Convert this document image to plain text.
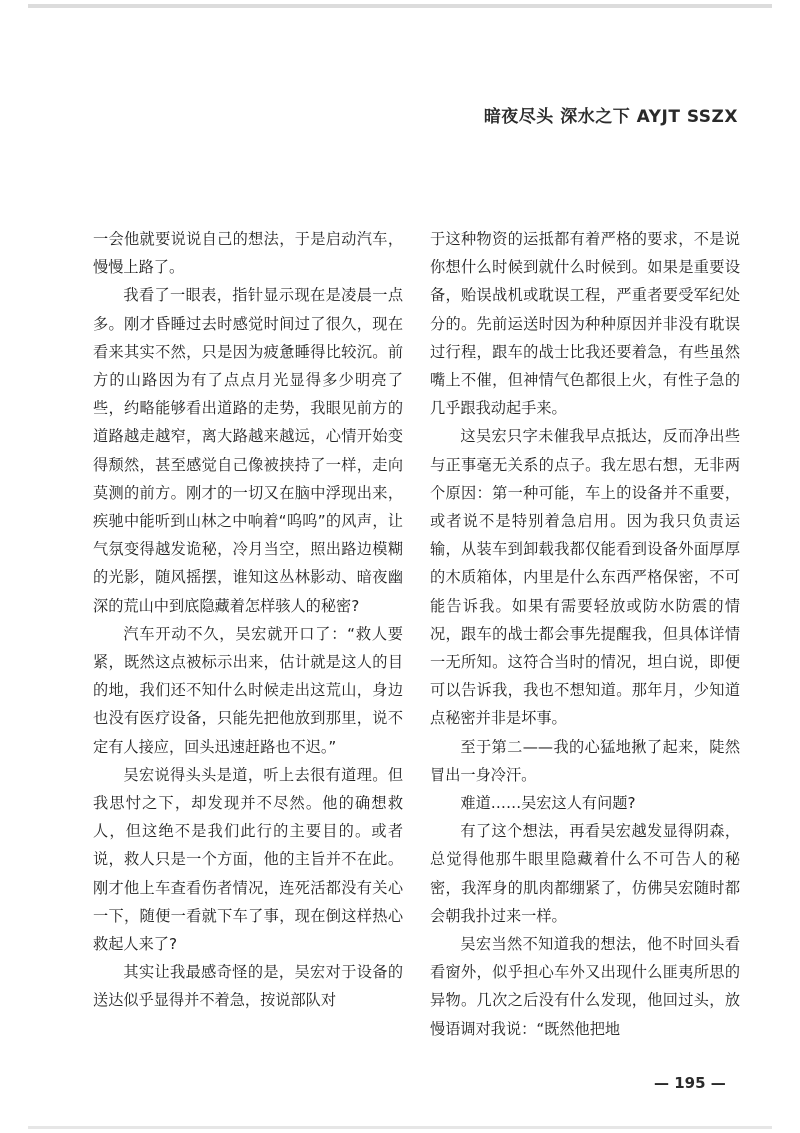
暗夜尽头 深水之下 AYJT SSZX

一会他就要说说自己的想法，于是启动汽车，慢慢上路了。

我看了一眼表，指针显示现在是凌晨一点多。刚才昏睡过去时感觉时间过了很久，现在看来其实不然，只是因为疲惫睡得比较沉。前方的山路因为有了点点月光显得多少明亮了些，约略能够看出道路的走势，我眼见前方的道路越走越窄，离大路越来越远，心情开始变得颓然，甚至感觉自己像被挟持了一样，走向莫测的前方。刚才的一切又在脑中浮现出来，疾驰中能听到山林之中响着“呜呜”的风声，让气氛变得越发诡秘，冷月当空，照出路边模糊的光影，随风摇摆，谁知这丛林影动、暗夜幽深的荒山中到底隐藏着怎样骇人的秘密?

汽车开动不久，吴宏就开口了：“救人要紧，既然这点被标示出来，估计就是这人的目的地，我们还不知什么时候走出这荒山，身边也没有医疗设备，只能先把他放到那里，说不定有人接应，回头迅速赶路也不迟。”

吴宏说得头头是道，听上去很有道理。但我思忖之下，却发现并不尽然。他的确想救人，但这绝不是我们此行的主要目的。或者说，救人只是一个方面，他的主旨并不在此。刚才他上车查看伤者情况，连死活都没有关心一下，随便一看就下车了事，现在倒这样热心救起人来了?

其实让我最感奇怪的是，吴宏对于设备的送达似乎显得并不着急，按说部队对

于这种物资的运抵都有着严格的要求，不是说你想什么时候到就什么时候到。如果是重要设备，贻误战机或耽误工程，严重者要受军纪处分的。先前运送时因为种种原因并非没有耽误过行程，跟车的战士比我还要着急，有些虽然嘴上不催，但神情气色都很上火，有性子急的几乎跟我动起手来。

这吴宏只字未催我早点抵达，反而净出些与正事毫无关系的点子。我左思右想，无非两个原因：第一种可能，车上的设备并不重要，或者说不是特别着急启用。因为我只负责运输，从装车到卸载我都仅能看到设备外面厚厚的木质箱体，内里是什么东西严格保密，不可能告诉我。如果有需要轻放或防水防震的情况，跟车的战士都会事先提醒我，但具体详情一无所知。这符合当时的情况，坦白说，即便可以告诉我，我也不想知道。那年月，少知道点秘密并非是坏事。

至于第二——我的心猛地揪了起来，陡然冒出一身冷汗。

难道……吴宏这人有问题?

有了这个想法，再看吴宏越发显得阴森，总觉得他那牛眼里隐藏着什么不可告人的秘密，我浑身的肌肉都绷紧了，仿佛吴宏随时都会朝我扑过来一样。

吴宏当然不知道我的想法，他不时回头看看窗外，似乎担心车外又出现什么匪夷所思的异物。几次之后没有什么发现，他回过头，放慢语调对我说：“既然他把地

— 195 —
